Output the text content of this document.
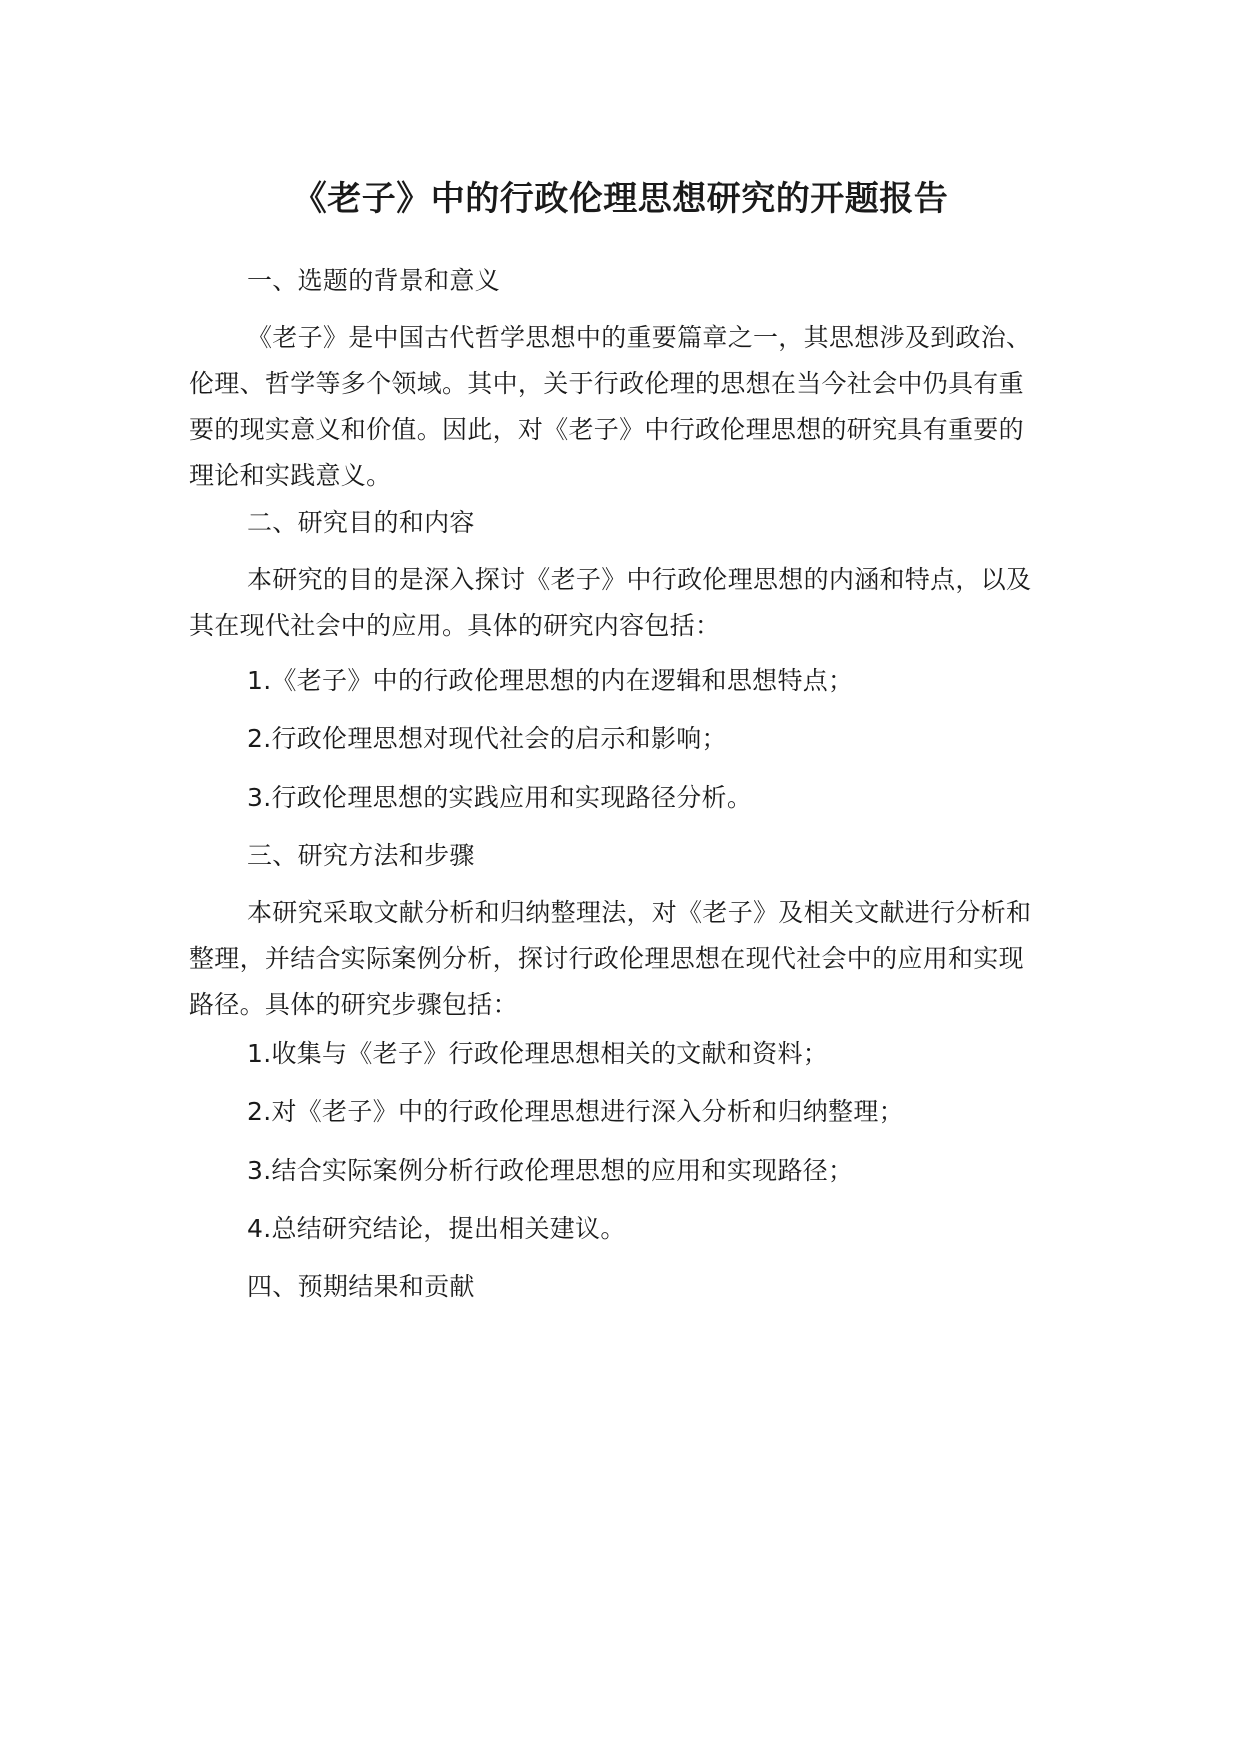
《老子》中的行政伦理思想研究的开题报告

一、选题的背景和意义

《老子》是中国古代哲学思想中的重要篇章之一，其思想涉及到政治、伦理、哲学等多个领域。其中，关于行政伦理的思想在当今社会中仍具有重要的现实意义和价值。因此，对《老子》中行政伦理思想的研究具有重要的理论和实践意义。

二、研究目的和内容

本研究的目的是深入探讨《老子》中行政伦理思想的内涵和特点，以及其在现代社会中的应用。具体的研究内容包括：

1.《老子》中的行政伦理思想的内在逻辑和思想特点；

2.行政伦理思想对现代社会的启示和影响；

3.行政伦理思想的实践应用和实现路径分析。

三、研究方法和步骤

本研究采取文献分析和归纳整理法，对《老子》及相关文献进行分析和整理，并结合实际案例分析，探讨行政伦理思想在现代社会中的应用和实现路径。具体的研究步骤包括：

1.收集与《老子》行政伦理思想相关的文献和资料；

2.对《老子》中的行政伦理思想进行深入分析和归纳整理；

3.结合实际案例分析行政伦理思想的应用和实现路径；

4.总结研究结论，提出相关建议。

四、预期结果和贡献
